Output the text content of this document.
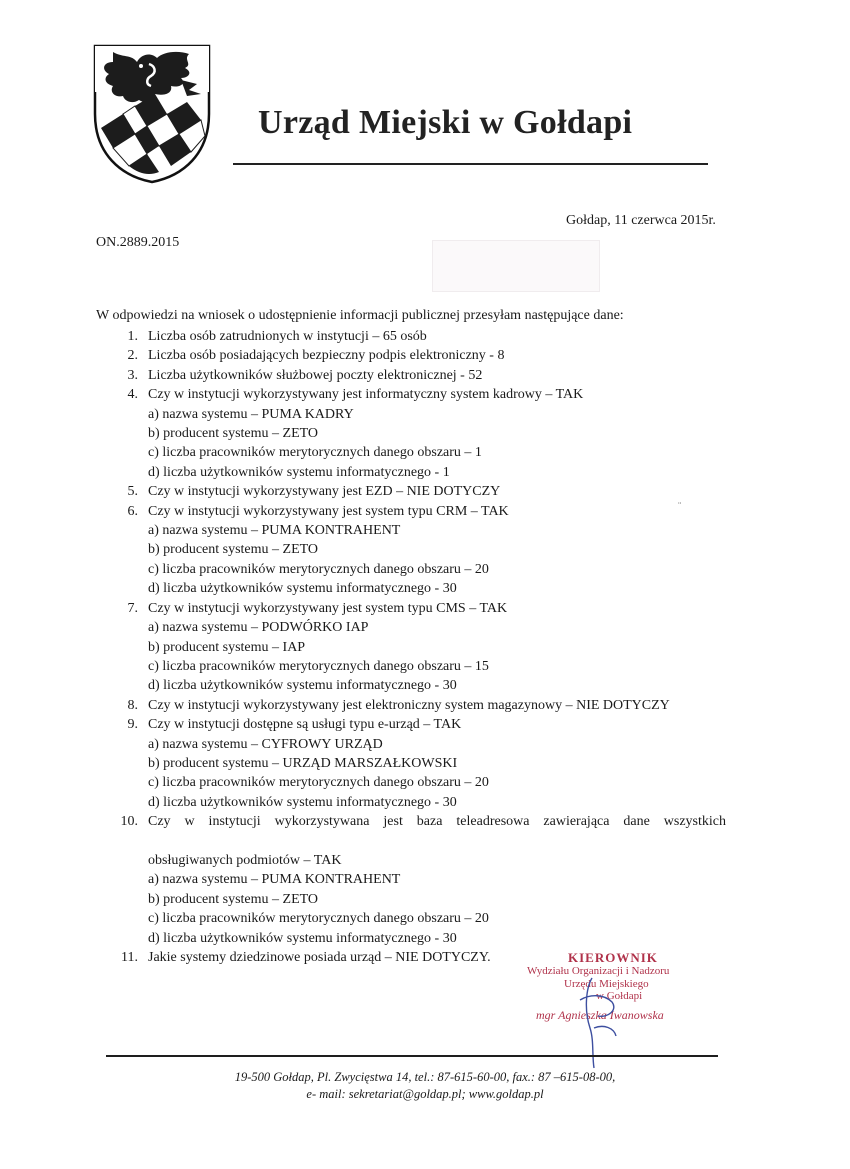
Urząd Miejski w Gołdapi
Gołdap, 11 czerwca 2015r.
ON.2889.2015
W odpowiedzi na wniosek o udostępnienie informacji publicznej przesyłam następujące dane:
1. Liczba osób zatrudnionych w instytucji – 65 osób
2. Liczba osób posiadających bezpieczny podpis elektroniczny - 8
3. Liczba użytkowników służbowej poczty elektronicznej - 52
4. Czy w instytucji wykorzystywany jest informatyczny system kadrowy – TAK
a) nazwa systemu – PUMA KADRY
b) producent systemu – ZETO
c) liczba pracowników merytorycznych danego obszaru – 1
d) liczba użytkowników systemu informatycznego - 1
5. Czy w instytucji wykorzystywany jest EZD – NIE DOTYCZY
6. Czy w instytucji wykorzystywany jest system typu CRM – TAK
a) nazwa systemu – PUMA KONTRAHENT
b) producent systemu – ZETO
c) liczba pracowników merytorycznych danego obszaru – 20
d) liczba użytkowników systemu informatycznego - 30
7. Czy w instytucji wykorzystywany jest system typu CMS – TAK
a) nazwa systemu – PODWÓRKO IAP
b) producent systemu – IAP
c) liczba pracowników merytorycznych danego obszaru – 15
d) liczba użytkowników systemu informatycznego - 30
8. Czy w instytucji wykorzystywany jest elektroniczny system magazynowy – NIE DOTYCZY
9. Czy w instytucji dostępne są usługi typu e-urząd – TAK
a) nazwa systemu – CYFROWY URZĄD
b) producent systemu – URZĄD MARSZAŁKOWSKI
c) liczba pracowników merytorycznych danego obszaru – 20
d) liczba użytkowników systemu informatycznego - 30
10. Czy w instytucji wykorzystywana jest baza teleadresowa zawierająca dane wszystkich
obsługiwanych podmiotów – TAK
a) nazwa systemu – PUMA KONTRAHENT
b) producent systemu – ZETO
c) liczba pracowników merytorycznych danego obszaru – 20
d) liczba użytkowników systemu informatycznego - 30
11. Jakie systemy dziedzinowe posiada urząd – NIE DOTYCZY.
¨
KIEROWNIK
Wydziału Organizacji i Nadzoru
Urzędu Miejskiego
w Gołdapi
mgr Agnieszka Iwanowska
19-500 Gołdap, Pl. Zwycięstwa 14, tel.: 87-615-60-00, fax.: 87 –615-08-00,
e- mail: sekretariat@goldap.pl; www.goldap.pl
